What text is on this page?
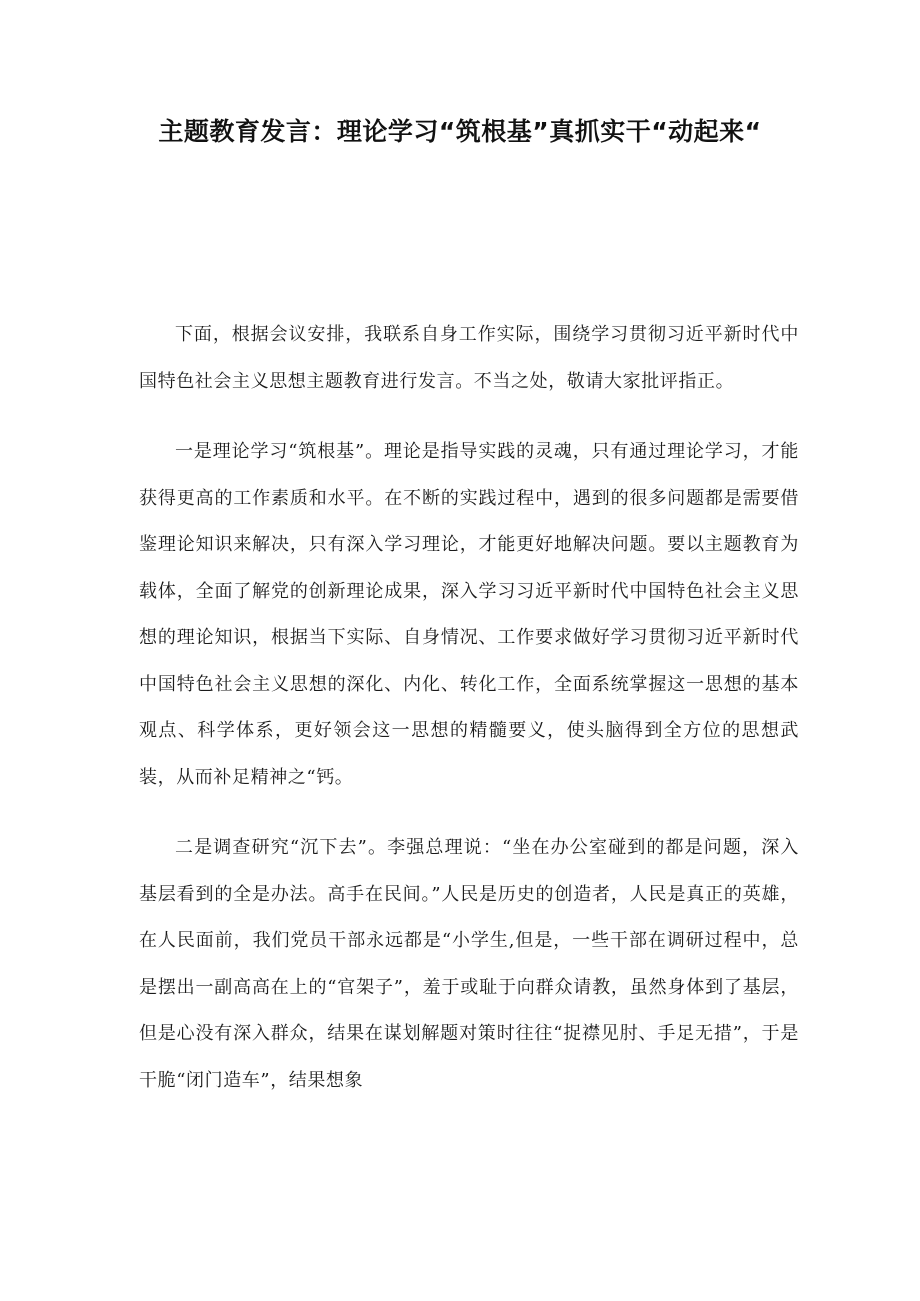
主题教育发言：理论学习“筑根基”真抓实干“动起来“

下面，根据会议安排，我联系自身工作实际，围绕学习贯彻习近平新时代中国特色社会主义思想主题教育进行发言。不当之处，敬请大家批评指正。

一是理论学习“筑根基”。理论是指导实践的灵魂，只有通过理论学习，才能获得更高的工作素质和水平。在不断的实践过程中，遇到的很多问题都是需要借鉴理论知识来解决，只有深入学习理论，才能更好地解决问题。要以主题教育为载体，全面了解党的创新理论成果，深入学习习近平新时代中国特色社会主义思想的理论知识，根据当下实际、自身情况、工作要求做好学习贯彻习近平新时代中国特色社会主义思想的深化、内化、转化工作，全面系统掌握这一思想的基本观点、科学体系，更好领会这一思想的精髓要义，使头脑得到全方位的思想武装，从而补足精神之“钙。

二是调查研究“沉下去”。李强总理说：“坐在办公室碰到的都是问题，深入基层看到的全是办法。高手在民间。”人民是历史的创造者，人民是真正的英雄，在人民面前，我们党员干部永远都是“小学生,但是，一些干部在调研过程中，总是摆出一副高高在上的“官架子”，羞于或耻于向群众请教，虽然身体到了基层，但是心没有深入群众，结果在谋划解题对策时往往“捉襟见肘、手足无措”，于是干脆“闭门造车”，结果想象
